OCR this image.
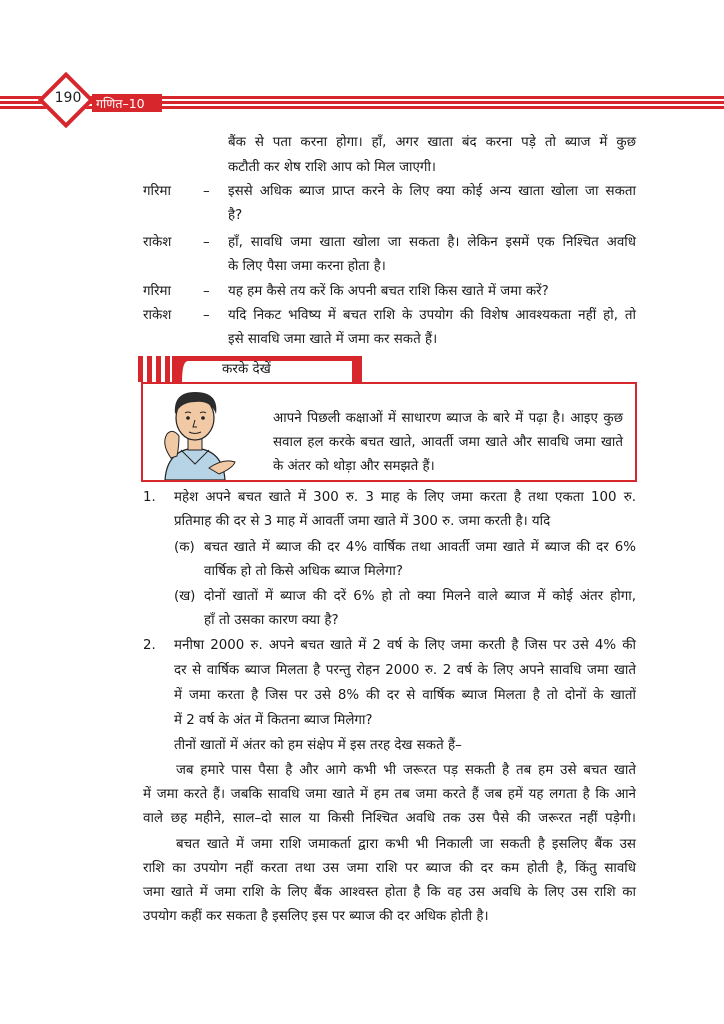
190	गणित–10
बैंक से पता करना होगा। हाँ, अगर खाता बंद करना पड़े तो ब्याज में कुछ
कटौती कर शेष राशि आप को मिल जाएगी।
गरिमा – इससे अधिक ब्याज प्राप्त करने के लिए क्या कोई अन्य खाता खोला जा सकता
है?
राकेश – हाँ, सावधि जमा खाता खोला जा सकता है। लेकिन इसमें एक निश्चित अवधि
के लिए पैसा जमा करना होता है।
गरिमा – यह हम कैसे तय करें कि अपनी बचत राशि किस खाते में जमा करें?
राकेश – यदि निकट भविष्य में बचत राशि के उपयोग की विशेष आवश्यकता नहीं हो, तो
इसे सावधि जमा खाते में जमा कर सकते हैं।
करके देखें
आपने पिछली कक्षाओं में साधारण ब्याज के बारे में पढ़ा है। आइए कुछ
सवाल हल करके बचत खाते, आवर्ती जमा खाते और सावधि जमा खाते
के अंतर को थोड़ा और समझते हैं।
1. महेश अपने बचत खाते में 300 रु. 3 माह के लिए जमा करता है तथा एकता 100 रु.
प्रतिमाह की दर से 3 माह में आवर्ती जमा खाते में 300 रु. जमा करती है। यदि
(क) बचत खाते में ब्याज की दर 4% वार्षिक तथा आवर्ती जमा खाते में ब्याज की दर 6%
वार्षिक हो तो किसे अधिक ब्याज मिलेगा?
(ख) दोनों खातों में ब्याज की दरें 6% हो तो क्या मिलने वाले ब्याज में कोई अंतर होगा,
हाँ तो उसका कारण क्या है?
2. मनीषा 2000 रु. अपने बचत खाते में 2 वर्ष के लिए जमा करती है जिस पर उसे 4% की
दर से वार्षिक ब्याज मिलता है परन्तु रोहन 2000 रु. 2 वर्ष के लिए अपने सावधि जमा खाते
में जमा करता है जिस पर उसे 8% की दर से वार्षिक ब्याज मिलता है तो दोनों के खातों
में 2 वर्ष के अंत में कितना ब्याज मिलेगा?
तीनों खातों में अंतर को हम संक्षेप में इस तरह देख सकते हैं–
जब हमारे पास पैसा है और आगे कभी भी जरूरत पड़ सकती है तब हम उसे बचत खाते
में जमा करते हैं। जबकि सावधि जमा खाते में हम तब जमा करते हैं जब हमें यह लगता है कि आने
वाले छह महीने, साल–दो साल या किसी निश्चित अवधि तक उस पैसे की जरूरत नहीं पड़ेगी।
बचत खाते में जमा राशि जमाकर्ता द्वारा कभी भी निकाली जा सकती है इसलिए बैंक उस
राशि का उपयोग नहीं करता तथा उस जमा राशि पर ब्याज की दर कम होती है, किंतु सावधि
जमा खाते में जमा राशि के लिए बैंक आश्वस्त होता है कि वह उस अवधि के लिए उस राशि का
उपयोग कहीं कर सकता है इसलिए इस पर ब्याज की दर अधिक होती है।
